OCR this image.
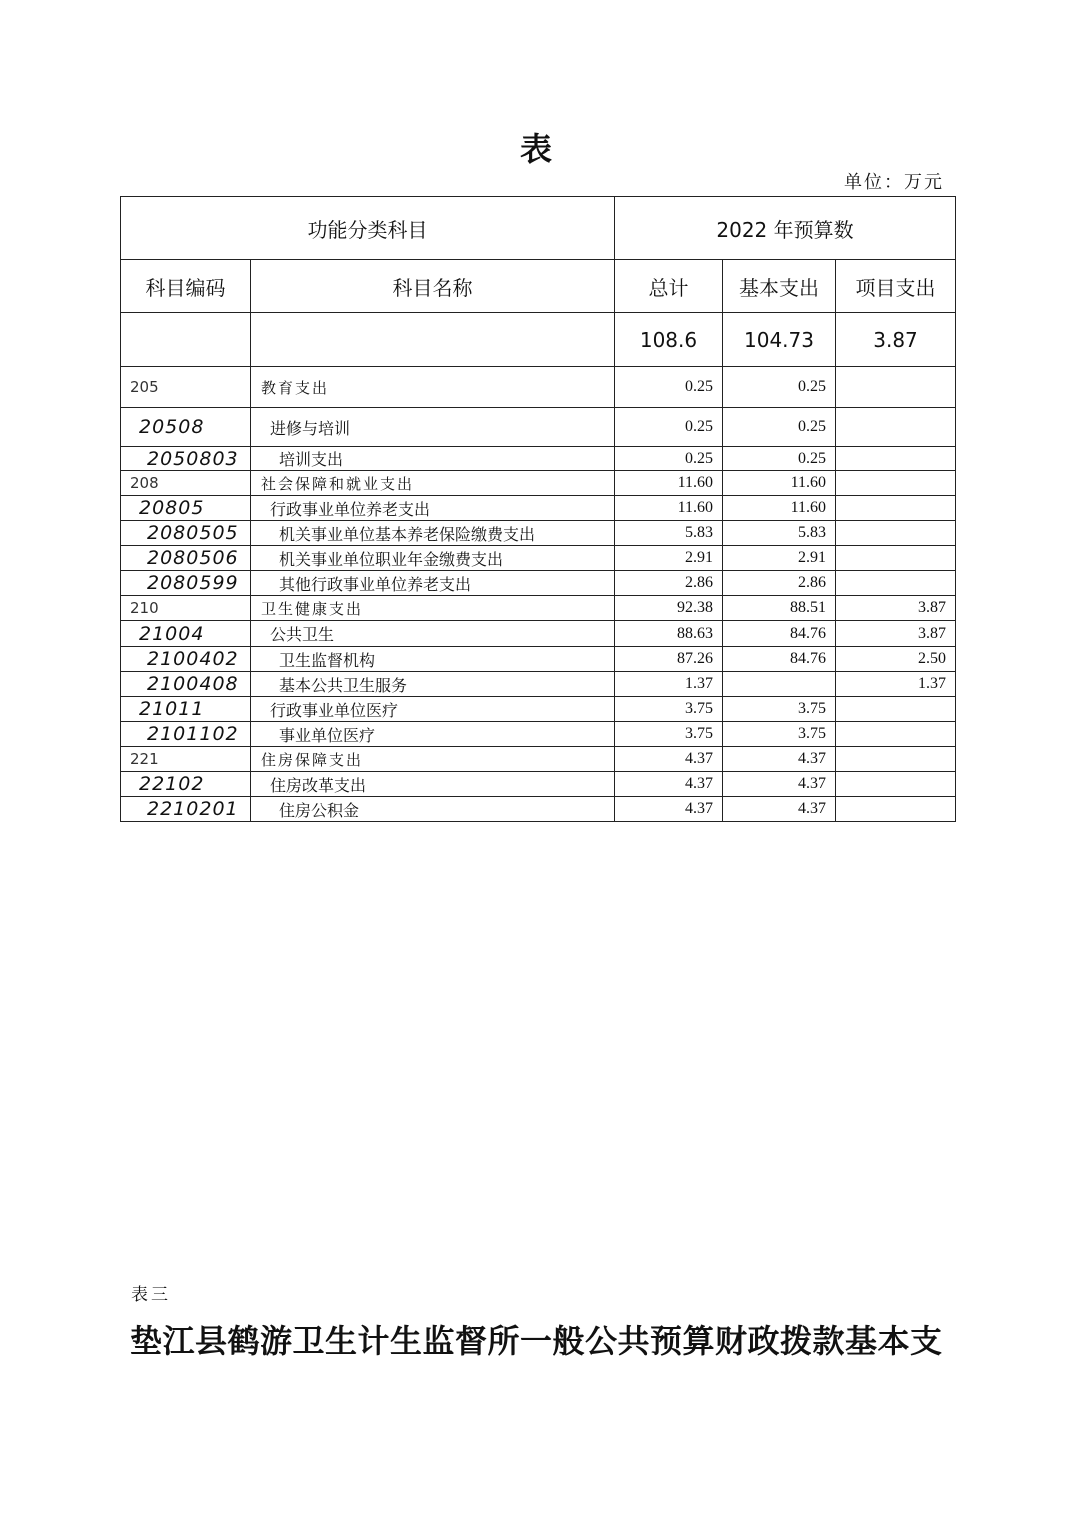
表
单位：万元
功能分类科目		2022 年预算数		
科目编码	科目名称	总计	基本支出	项目支出
		108.6	104.73	3.87
205	教育支出	0.25	0.25	
20508	进修与培训	0.25	0.25	
2050803	培训支出	0.25	0.25	
208	社会保障和就业支出	11.60	11.60	
20805	行政事业单位养老支出	11.60	11.60	
2080505	机关事业单位基本养老保险缴费支出	5.83	5.83	
2080506	机关事业单位职业年金缴费支出	2.91	2.91	
2080599	其他行政事业单位养老支出	2.86	2.86	
210	卫生健康支出	92.38	88.51	3.87
21004	公共卫生	88.63	84.76	3.87
2100402	卫生监督机构	87.26	84.76	2.50
2100408	基本公共卫生服务	1.37		1.37
21011	行政事业单位医疗	3.75	3.75	
2101102	事业单位医疗	3.75	3.75	
221	住房保障支出	4.37	4.37	
22102	住房改革支出	4.37	4.37	
2210201	住房公积金	4.37	4.37	
表三
垫江县鹤游卫生计生监督所一般公共预算财政拨款基本支
